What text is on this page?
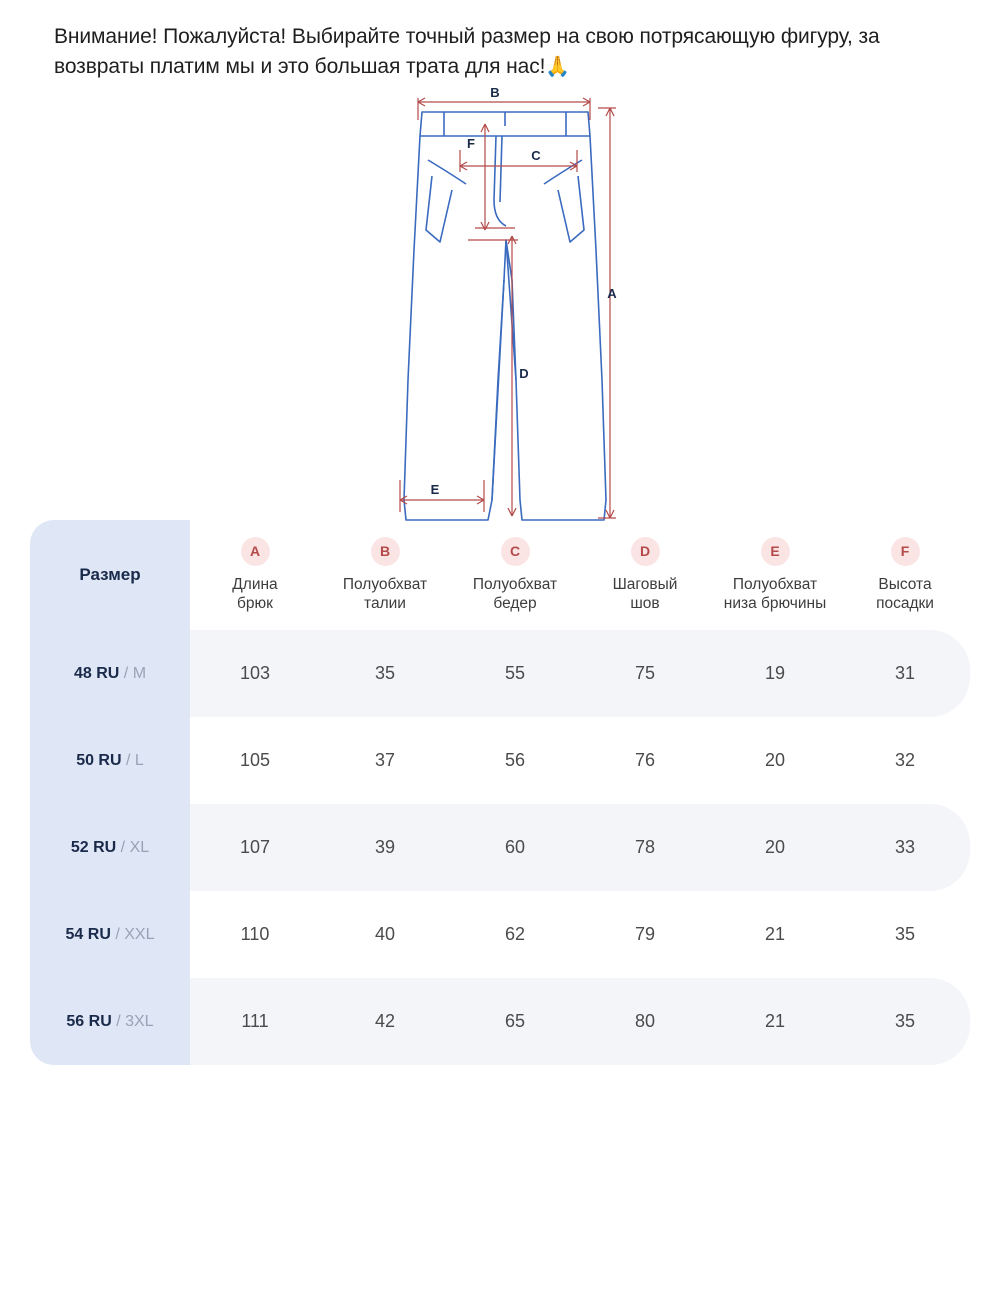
Внимание! Пожалуйста! Выбирайте точный размер на свою потрясающую фигуру, за возвраты платим мы и это большая трата для нас!🙏
B
A
C
F
D
E
Размер	
A
Длина
брюк

B
Полуобхват
талии

C
Полуобхват
бедер

D
Шаговый
шов

E
Полуобхват
низа брючины

F
Высота
посадки

48 RU / M	103	35	55	75	19	31
50 RU / L	105	37	56	76	20	32
52 RU / XL	107	39	60	78	20	33
54 RU / XXL	110	40	62	79	21	35
56 RU / 3XL	111	42	65	80	21	35
